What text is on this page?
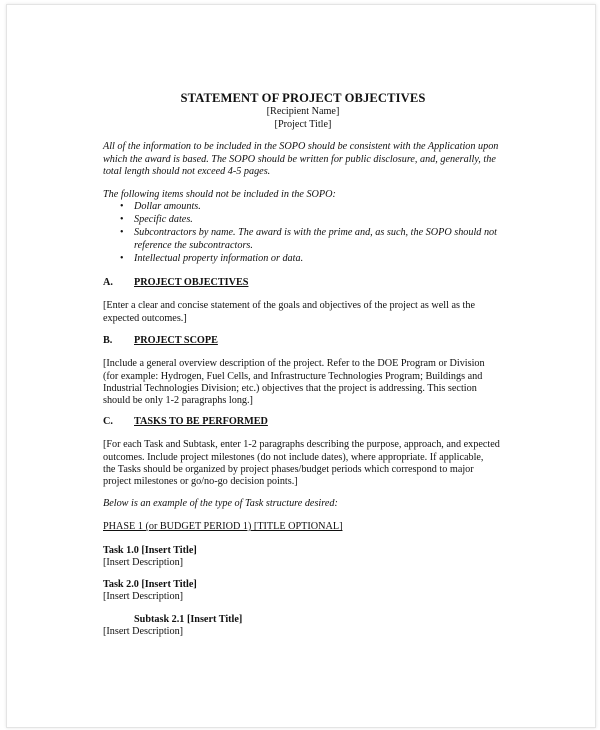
STATEMENT OF PROJECT OBJECTIVES
[Recipient Name]
[Project Title]
All of the information to be included in the SOPO should be consistent with the Application upon
which the award is based. The SOPO should be written for public disclosure, and, generally, the
total length should not exceed 4-5 pages.
The following items should not be included in the SOPO:
• Dollar amounts.
• Specific dates.
• Subcontractors by name. The award is with the prime and, as such, the SOPO should not
reference the subcontractors.
• Intellectual property information or data.
A. PROJECT OBJECTIVES
[Enter a clear and concise statement of the goals and objectives of the project as well as the
expected outcomes.]
B. PROJECT SCOPE
[Include a general overview description of the project. Refer to the DOE Program or Division
(for example: Hydrogen, Fuel Cells, and Infrastructure Technologies Program; Buildings and
Industrial Technologies Division; etc.) objectives that the project is addressing. This section
should be only 1-2 paragraphs long.]
C. TASKS TO BE PERFORMED
[For each Task and Subtask, enter 1-2 paragraphs describing the purpose, approach, and expected
outcomes. Include project milestones (do not include dates), where appropriate. If applicable,
the Tasks should be organized by project phases/budget periods which correspond to major
project milestones or go/no-go decision points.]
Below is an example of the type of Task structure desired:
PHASE 1 (or BUDGET PERIOD 1) [TITLE OPTIONAL]
Task 1.0 [Insert Title]
[Insert Description]
Task 2.0 [Insert Title]
[Insert Description]
Subtask 2.1 [Insert Title]
[Insert Description]
